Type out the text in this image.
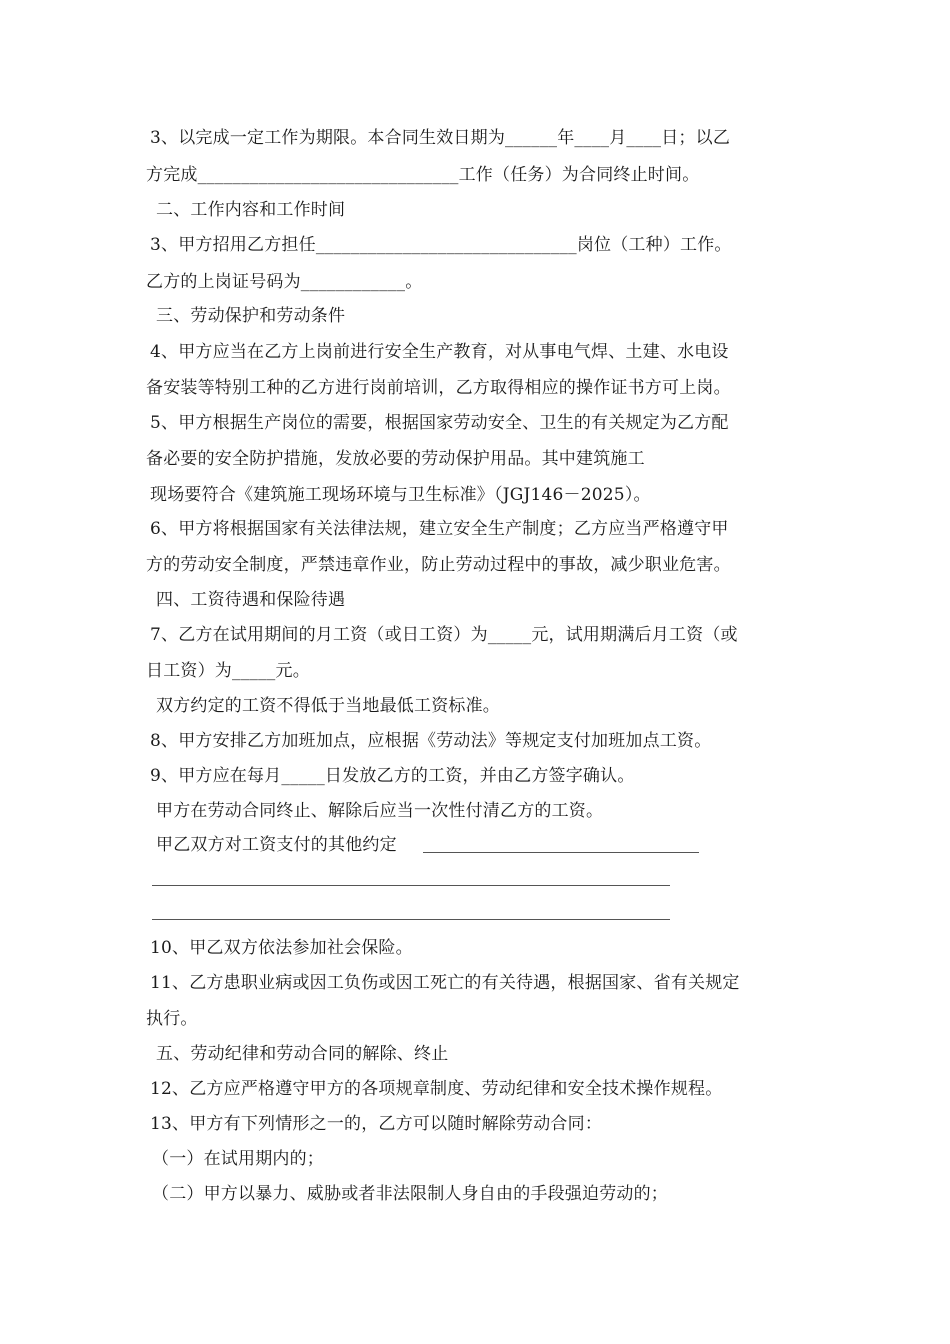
3、以完成一定工作为期限。本合同生效日期为______年____月____日；以乙
方完成______________________________工作（任务）为合同终止时间。
二、工作内容和工作时间
3、甲方招用乙方担任______________________________岗位（工种）工作。
乙方的上岗证号码为____________。
三、劳动保护和劳动条件
4、甲方应当在乙方上岗前进行安全生产教育，对从事电气焊、土建、水电设
备安装等特别工种的乙方进行岗前培训，乙方取得相应的操作证书方可上岗。
5、甲方根据生产岗位的需要，根据国家劳动安全、卫生的有关规定为乙方配
备必要的安全防护措施，发放必要的劳动保护用品。其中建筑施工
现场要符合《建筑施工现场环境与卫生标准》（JGJ146－2025）。
6、甲方将根据国家有关法律法规，建立安全生产制度；乙方应当严格遵守甲
方的劳动安全制度，严禁违章作业，防止劳动过程中的事故，减少职业危害。
四、工资待遇和保险待遇
7、乙方在试用期间的月工资（或日工资）为_____元，试用期满后月工资（或
日工资）为_____元。
双方约定的工资不得低于当地最低工资标准。
8、甲方安排乙方加班加点，应根据《劳动法》等规定支付加班加点工资。
9、甲方应在每月_____日发放乙方的工资，并由乙方签字确认。
甲方在劳动合同终止、解除后应当一次性付清乙方的工资。
甲乙双方对工资支付的其他约定
10、甲乙双方依法参加社会保险。
11、乙方患职业病或因工负伤或因工死亡的有关待遇，根据国家、省有关规定
执行。
五、劳动纪律和劳动合同的解除、终止
12、乙方应严格遵守甲方的各项规章制度、劳动纪律和安全技术操作规程。
13、甲方有下列情形之一的，乙方可以随时解除劳动合同：
（一）在试用期内的；
（二）甲方以暴力、威胁或者非法限制人身自由的手段强迫劳动的；
